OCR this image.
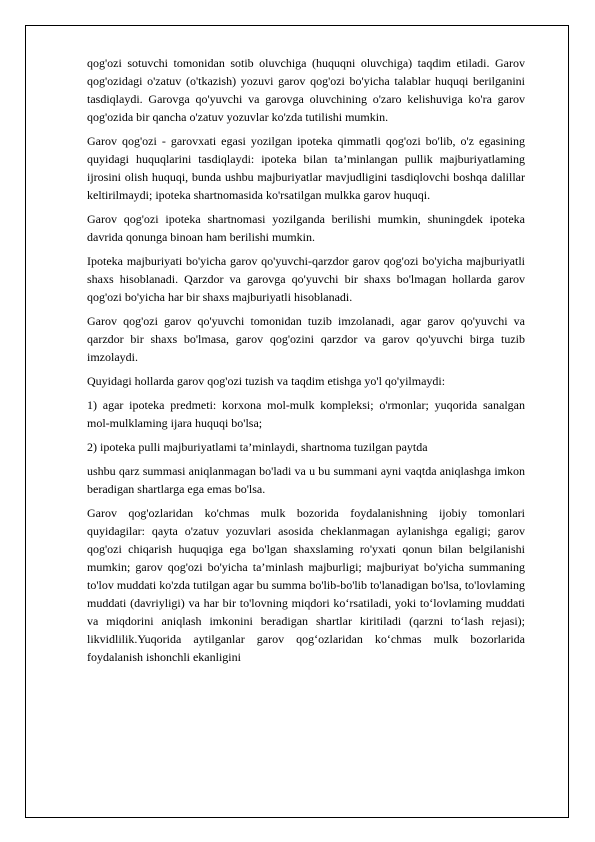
qog'ozi sotuvchi tomonidan sotib oluvchiga (huquqni oluvchiga) taqdim etiladi. Garov qog'ozidagi o'zatuv (o'tkazish) yozuvi garov qog'ozi bo'yicha talablar huquqi berilganini tasdiqlaydi. Garovga qo'yuvchi va garovga oluvchining o'zaro kelishuviga ko'ra garov qog'ozida bir qancha o'zatuv yozuvlar ko'zda tutilishi mumkin.

Garov qog'ozi - garovxati egasi yozilgan ipoteka qimmatli qog'ozi bo'lib, o'z egasining quyidagi huquqlarini tasdiqlaydi: ipoteka bilan ta’minlangan pullik majburiyatlaming ijrosini olish huquqi, bunda ushbu majburiyatlar mavjudligini tasdiqlovchi boshqa dalillar keltirilmaydi; ipoteka shartnomasida ko'rsatilgan mulkka garov huquqi.

Garov qog'ozi ipoteka shartnomasi yozilganda berilishi mumkin, shuningdek ipoteka davrida qonunga binoan ham berilishi mumkin.

Ipoteka majburiyati bo'yicha garov qo'yuvchi-qarzdor garov qog'ozi bo'yicha majburiyatli shaxs hisoblanadi. Qarzdor va garovga qo'yuvchi bir shaxs bo'lmagan hollarda garov qog'ozi bo'yicha har bir shaxs majburiyatli hisoblanadi.

Garov qog'ozi garov qo'yuvchi tomonidan tuzib imzolanadi, agar garov qo'yuvchi va qarzdor bir shaxs bo'lmasa, garov qog'ozini qarzdor va garov qo'yuvchi birga tuzib imzolaydi.

Quyidagi hollarda garov qog'ozi tuzish va taqdim etishga yo'l qo'yilmaydi:

1) agar ipoteka predmeti: korxona mol-mulk kompleksi; o'rmonlar; yuqorida sanalgan mol-mulklaming ijara huquqi bo'lsa;

2) ipoteka pulli majburiyatlami ta’minlaydi, shartnoma tuzilgan paytda

ushbu qarz summasi aniqlanmagan bo'ladi va u bu summani ayni vaqtda aniqlashga imkon beradigan shartlarga ega emas bo'lsa.

Garov qog'ozlaridan ko'chmas mulk bozorida foydalanishning ijobiy tomonlari quyidagilar: qayta o'zatuv yozuvlari asosida cheklanmagan aylanishga egaligi; garov qog'ozi chiqarish huquqiga ega bo'lgan shaxslaming ro'yxati qonun bilan belgilanishi mumkin; garov qog'ozi bo'yicha ta’minlash majburligi; majburiyat bo'yicha summaning to'lov muddati ko'zda tutilgan agar bu summa bo'lib-bo'lib to'lanadigan bo'lsa, to'lovlaming muddati (davriyligi) va har bir to'lovning miqdori ko‘rsatiladi, yoki to‘lovlaming muddati va miqdorini aniqlash imkonini beradigan shartlar kiritiladi (qarzni to‘lash rejasi); likvidlilik.Yuqorida aytilganlar garov qog‘ozlaridan ko‘chmas mulk bozorlarida foydalanish ishonchli ekanligini
